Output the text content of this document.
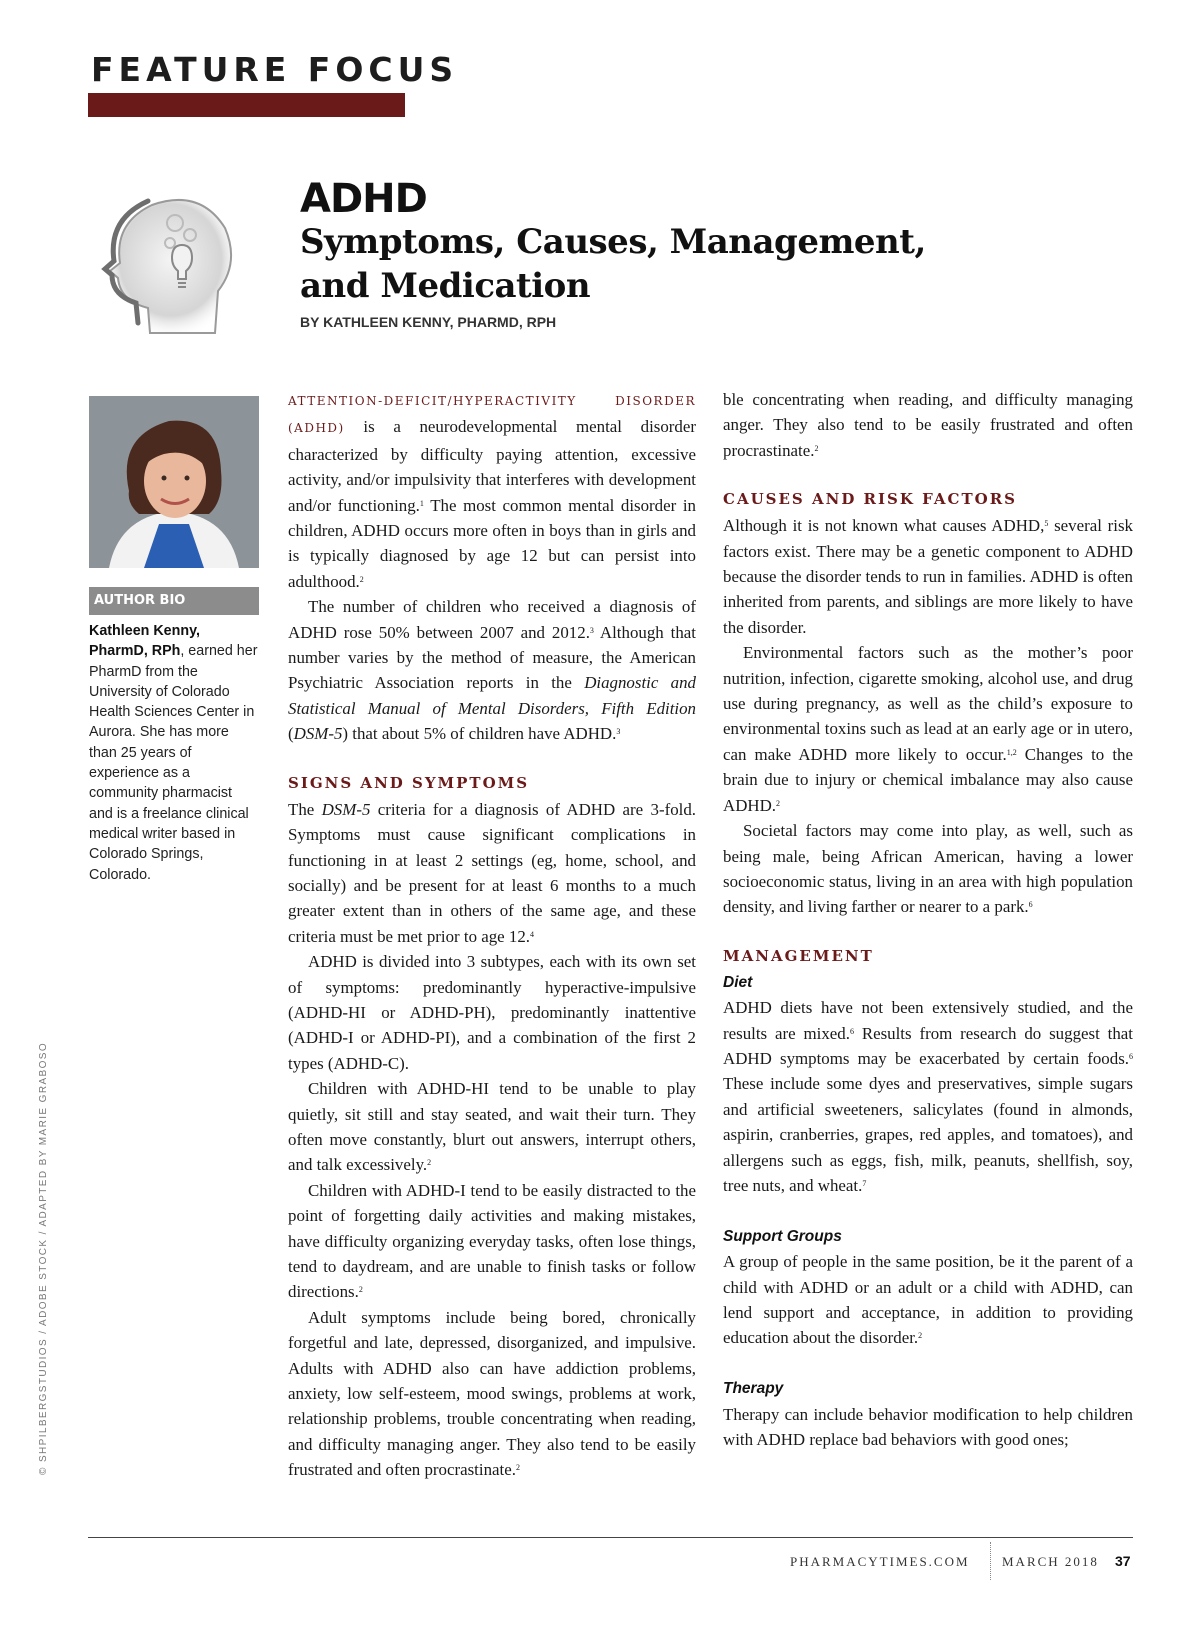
FEATURE FOCUS
ADHD
Symptoms, Causes, Management,
and Medication
BY KATHLEEN KENNY, PHARMD, RPH
AUTHOR BIO
Kathleen Kenny, PharmD, RPh, earned her PharmD from the University of Colorado Health Sciences Center in Aurora. She has more than 25 years of experience as a community pharmacist and is a freelance clinical medical writer based in Colorado Springs, Colorado.
© SHPILBERGSTUDIOS / ADOBE STOCK / ADAPTED BY MARIE GRABOSO

ATTENTION-DEFICIT/HYPERACTIVITY DISORDER (ADHD) is a neurodevelopmental mental disorder characterized by difficulty paying attention, excessive activity, and/or impulsivity that interferes with development and/or functioning.$^1$ The most common mental disorder in children, ADHD occurs more often in boys than in girls and is typically diagnosed by age 12 but can persist into adulthood.$^2$

The number of children who received a diagnosis of ADHD rose 50% between 2007 and 2012.$^3$ Although that number varies by the method of measure, the American Psychiatric Association reports in the Diagnostic and Statistical Manual of Mental Disorders, Fifth Edition (DSM-5) that about 5% of children have ADHD.$^3$

SIGNS AND SYMPTOMS

The DSM-5 criteria for a diagnosis of ADHD are 3-fold. Symptoms must cause significant complications in functioning in at least 2 settings (eg, home, school, and socially) and be present for at least 6 months to a much greater extent than in others of the same age, and these criteria must be met prior to age 12.$^4$

ADHD is divided into 3 subtypes, each with its own set of symptoms: predominantly hyperactive-impulsive (ADHD-HI or ADHD-PH), predominantly inattentive (ADHD-I or ADHD-PI), and a combination of the first 2 types (ADHD-C).

Children with ADHD-HI tend to be unable to play quietly, sit still and stay seated, and wait their turn. They often move constantly, blurt out answers, interrupt others, and talk excessively.$^2$

Children with ADHD-I tend to be easily distracted to the point of forgetting daily activities and making mistakes, have difficulty organizing everyday tasks, often lose things, tend to daydream, and are unable to finish tasks or follow directions.$^2$

Adult symptoms include being bored, chronically forgetful and late, depressed, disorganized, and impulsive. Adults with ADHD also can have addiction problems, anxiety, low self-esteem, mood swings, problems at work, relationship problems, trouble concentrating when reading, and difficulty managing anger. They also tend to be easily frustrated and often procrastinate.$^2$

ble concentrating when reading, and difficulty managing anger. They also tend to be easily frustrated and often procrastinate.$^2$

CAUSES AND RISK FACTORS

Although it is not known what causes ADHD,$^5$ several risk factors exist. There may be a genetic component to ADHD because the disorder tends to run in families. ADHD is often inherited from parents, and siblings are more likely to have the disorder.

Environmental factors such as the mother’s poor nutrition, infection, cigarette smoking, alcohol use, and drug use during pregnancy, as well as the child’s exposure to environmental toxins such as lead at an early age or in utero, can make ADHD more likely to occur.$^{1,2}$ Changes to the brain due to injury or chemical imbalance may also cause ADHD.$^2$

Societal factors may come into play, as well, such as being male, being African American, having a lower socioeconomic status, living in an area with high population density, and living farther or nearer to a park.$^6$

MANAGEMENT
Diet

ADHD diets have not been extensively studied, and the results are mixed.$^6$ Results from research do suggest that ADHD symptoms may be exacerbated by certain foods.$^6$ These include some dyes and preservatives, simple sugars and artificial sweeteners, salicylates (found in almonds, aspirin, cranberries, grapes, red apples, and tomatoes), and allergens such as eggs, fish, milk, peanuts, shellfish, soy, tree nuts, and wheat.$^7$

Support Groups

A group of people in the same position, be it the parent of a child with ADHD or an adult or a child with ADHD, can lend support and acceptance, in addition to providing education about the disorder.$^2$

Therapy

Therapy can include behavior modification to help children with ADHD replace bad behaviors with good ones;

PHARMACYTIMES.COM MARCH 2018 37
